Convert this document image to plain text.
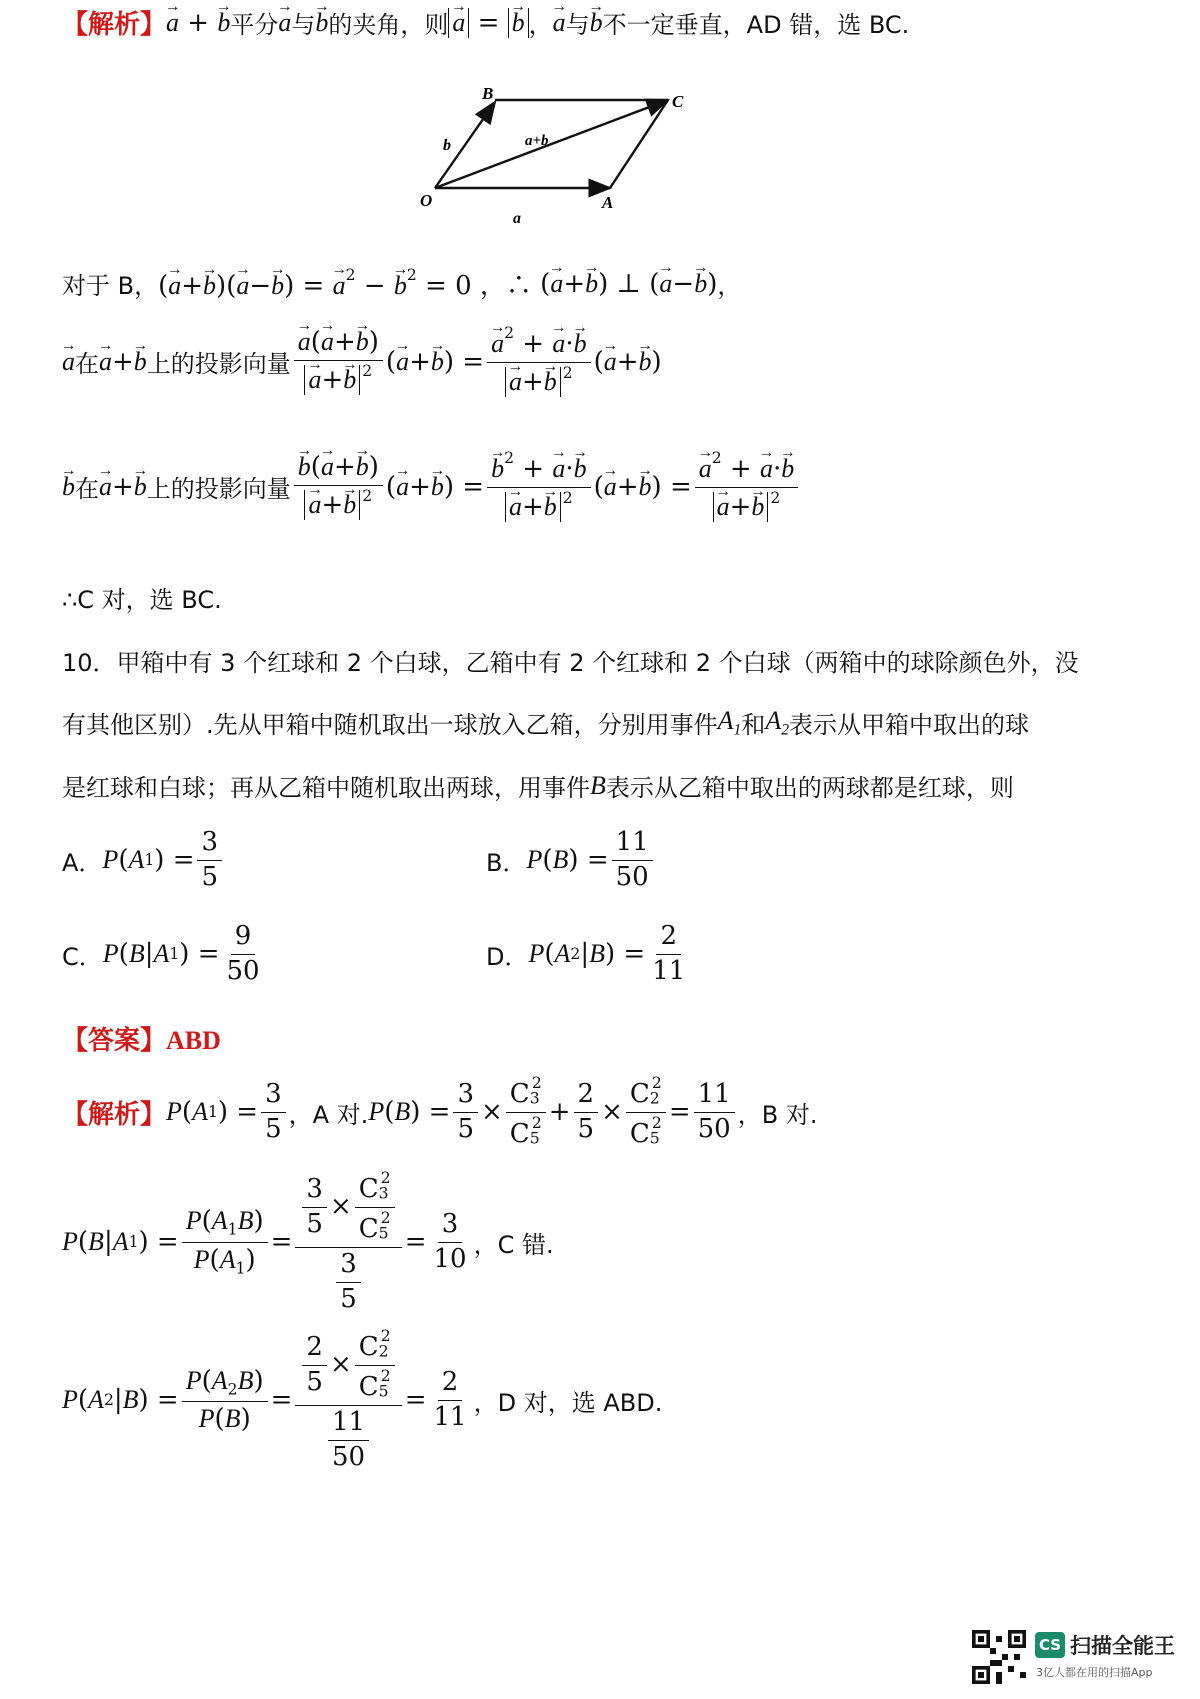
【解析】 → a + → b 平分 → a 与 → b 的夹角，则 → a = → b ， → a 与 → b 不一定垂直，AD 错，选 BC.
O	A
B	C
a
b	a+b
对于 B， (→ a+→ b)(→ a−→ b) = → $a^2$ − → $b^2 = 0$ ，∴ (→ a+→ b) ⊥ (→ a−→ b) ，
→ a 在 → a + → b 上的投影向量 → a(→ a+→ b)
→ a+→ b $^2$ (→ a+→ b) = → $a^2$ + → a·→ b
→ a+→ b $^2$ (→ a+→ b)
→ b 在 → a + → b 上的投影向量 → b(→ a+→ b)
→ a+→ b $^2$ (→ a+→ b) = → $b^2$ + → a·→ b
→ a+→ b $^2$ (→ a+→ b) = → $a^2$ + → a·→ b
→ a+→ b $^2$
∴C 对，选 BC.
10．甲箱中有 3 个红球和 2 个白球，乙箱中有 2 个红球和 2 个白球（两箱中的球除颜色外，没
有其他区别）.先从甲箱中随机取出一球放入乙箱，分别用事件 $A_1$ 和 $A_2$ 表示从甲箱中取出的球
是红球和白球；再从乙箱中随机取出两球，用事件 B 表示从乙箱中取出的两球都是红球，则
A． P ( A 1 ) = $\frac{3}{5}$	B． P ( B ) = $\frac{11}{50}$
C． P ( B | A 1 ) = $\frac{9}{50}$	D． P ( A 2 | B ) = $\frac{2}{11}$
【答案】ABD
【解析】 P ( A 1 ) = $\frac{3}{5}$ ，A 对. P ( B ) = $\frac{3}{5} \times \frac{C3^2}{C5^2} + \frac{2}{5} \times \frac{C2^2}{C5^2} = \frac{11}{50}$ ，B 对.
P ( B | A 1 ) = $\frac{P(A_1B)}{P(A_1)} = \frac{\frac{3}{5} \times \frac{C3^2}{C5^2}}{\frac{3}{5}} = \frac{3}{10}$ ，C 错.
P ( A 2 | B ) = $\frac{P(A_2B)}{P(B)} = \frac{\frac{2}{5} \times \frac{C2^2}{C5^2}}{\frac{11}{50}} = \frac{2}{11}$ ，D 对，选 ABD.
CS 扫描全能王
3亿人都在用的扫描App
